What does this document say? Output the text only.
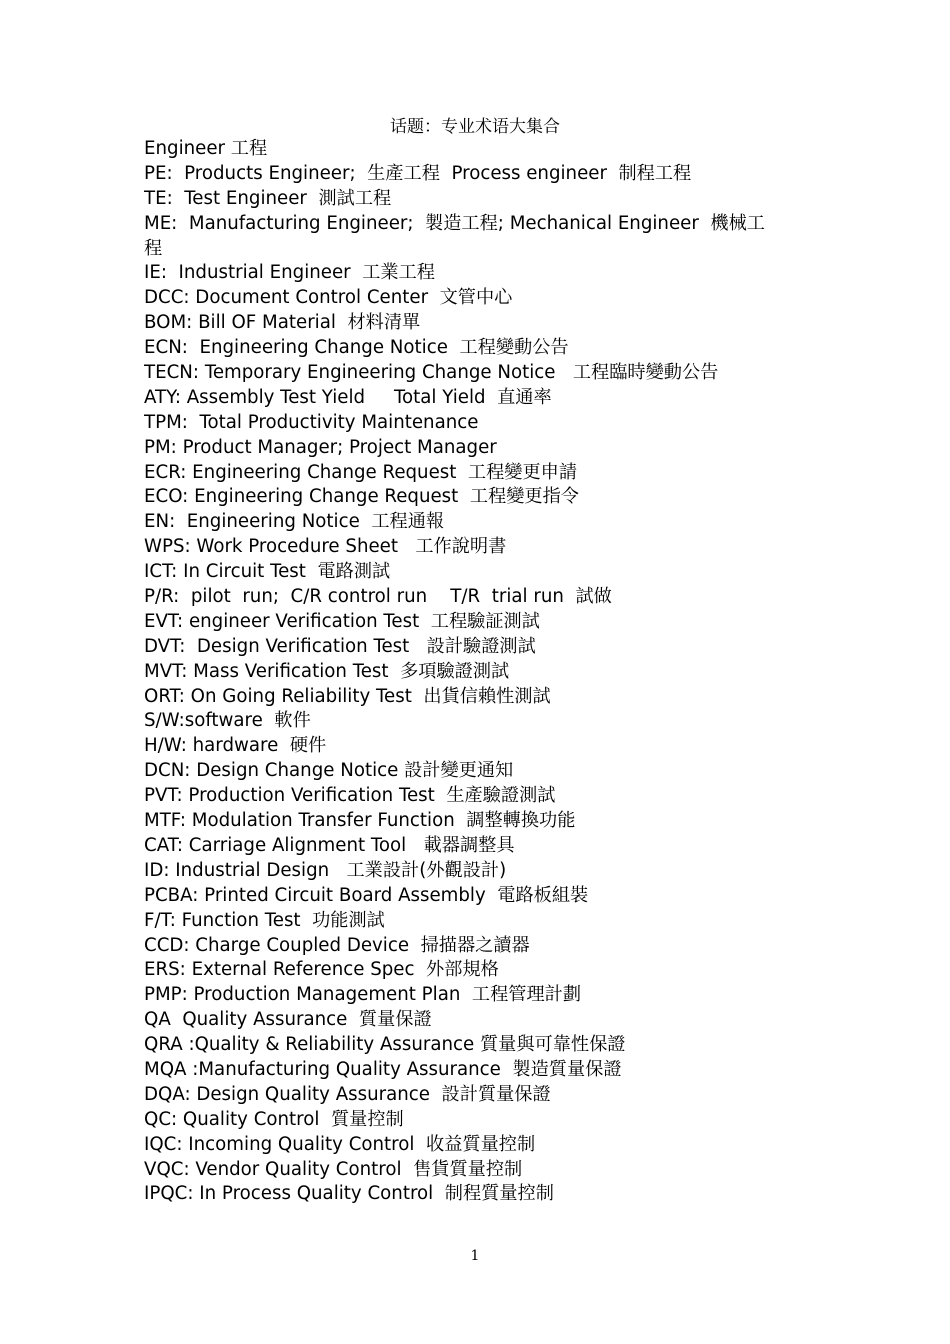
话题：专业术语大集合
Engineer 工程
PE:  Products Engineer;  生產工程  Process engineer  制程工程
TE:  Test Engineer  測試工程
ME:  Manufacturing Engineer;  製造工程; Mechanical Engineer  機械工
程
IE:  Industrial Engineer  工業工程
DCC: Document Control Center  文管中心
BOM: Bill OF Material  材料清單
ECN:  Engineering Change Notice  工程變動公告
TECN: Temporary Engineering Change Notice   工程臨時變動公告
ATY: Assembly Test Yield     Total Yield  直通率
TPM:  Total Productivity Maintenance
PM: Product Manager; Project Manager
ECR: Engineering Change Request  工程變更申請
ECO: Engineering Change Request  工程變更指令
EN:  Engineering Notice  工程通報
WPS: Work Procedure Sheet   工作說明書
ICT: In Circuit Test  電路測試
P/R:  pilot  run;  C/R control run    T/R  trial run  試做
EVT: engineer Verification Test  工程驗証測試
DVT:  Design Verification Test   設計驗證測試
MVT: Mass Verification Test  多項驗證測試
ORT: On Going Reliability Test  出貨信賴性測試
S/W:software  軟件
H/W: hardware  硬件
DCN: Design Change Notice 設計變更通知
PVT: Production Verification Test  生產驗證測試
MTF: Modulation Transfer Function  調整轉換功能
CAT: Carriage Alignment Tool   載器調整具
ID: Industrial Design   工業設計(外觀設計)
PCBA: Printed Circuit Board Assembly  電路板組裝
F/T: Function Test  功能測試
CCD: Charge Coupled Device  掃描器之讀器
ERS: External Reference Spec  外部規格
PMP: Production Management Plan  工程管理計劃
QA  Quality Assurance  質量保證
QRA :Quality & Reliability Assurance 質量與可靠性保證
MQA :Manufacturing Quality Assurance  製造質量保證
DQA: Design Quality Assurance  設計質量保證
QC: Quality Control  質量控制
IQC: Incoming Quality Control  收益質量控制
VQC: Vendor Quality Control  售貨質量控制
IPQC: In Process Quality Control  制程質量控制
1
